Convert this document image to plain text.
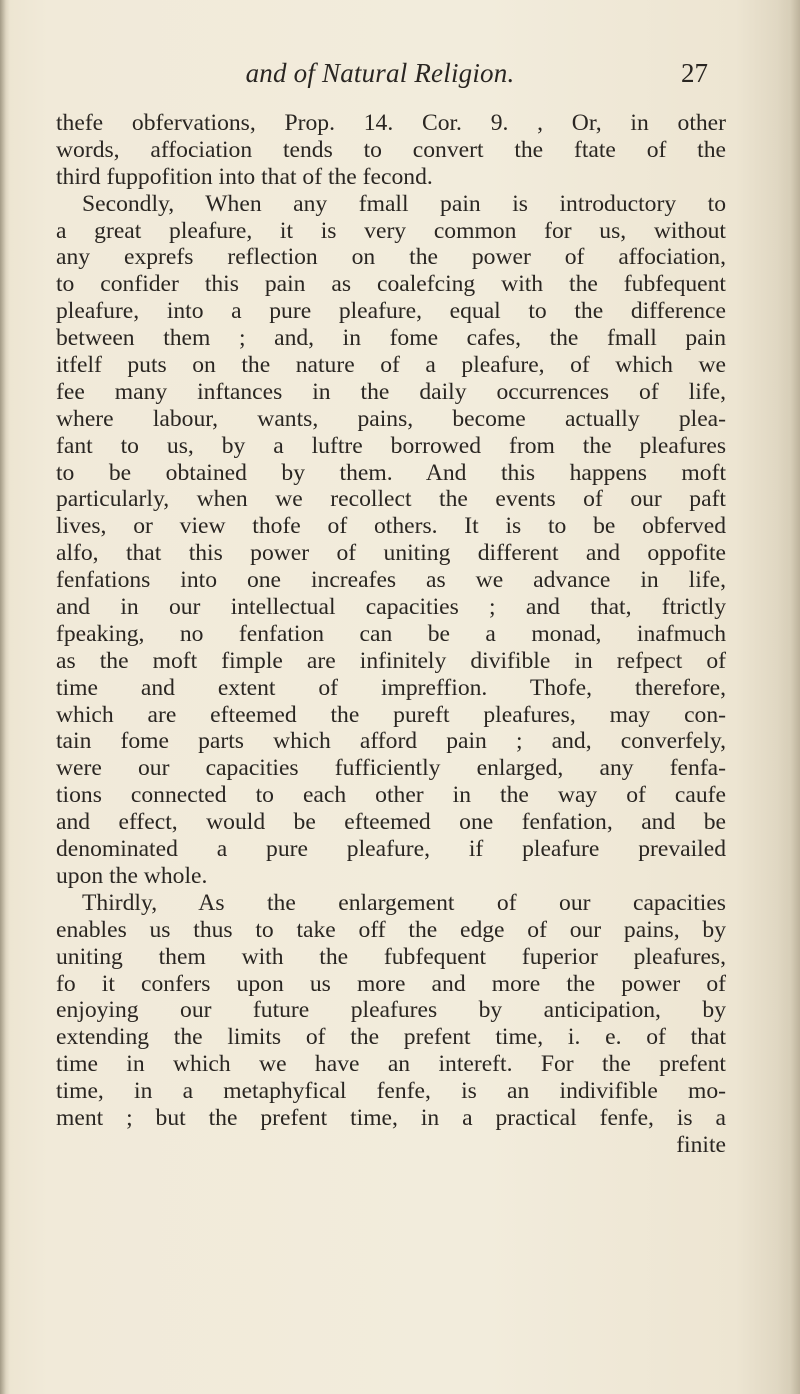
and of Natural Religion.	27
thefe obfervations, Prop. 14. Cor. 9. , Or, in other
words, affociation tends to convert the ftate of the
third fuppofition into that of the fecond.
Secondly, When any fmall pain is introductory to
a great pleafure, it is very common for us, without
any exprefs reflection on the power of affociation,
to confider this pain as coalefcing with the fubfequent
pleafure, into a pure pleafure, equal to the difference
between them ; and, in fome cafes, the fmall pain
itfelf puts on the nature of a pleafure, of which we
fee many inftances in the daily occurrences of life,
where labour, wants, pains, become actually plea-
fant to us, by a luftre borrowed from the pleafures
to be obtained by them. And this happens moft
particularly, when we recollect the events of our paft
lives, or view thofe of others. It is to be obferved
alfo, that this power of uniting different and oppofite
fenfations into one increafes as we advance in life,
and in our intellectual capacities ; and that, ftrictly
fpeaking, no fenfation can be a monad, inafmuch
as the moft fimple are infinitely divifible in refpect of
time and extent of impreffion. Thofe, therefore,
which are efteemed the pureft pleafures, may con-
tain fome parts which afford pain ; and, converfely,
were our capacities fufficiently enlarged, any fenfa-
tions connected to each other in the way of caufe
and effect, would be efteemed one fenfation, and be
denominated a pure pleafure, if pleafure prevailed
upon the whole.
Thirdly, As the enlargement of our capacities
enables us thus to take off the edge of our pains, by
uniting them with the fubfequent fuperior pleafures,
fo it confers upon us more and more the power of
enjoying our future pleafures by anticipation, by
extending the limits of the prefent time, i. e. of that
time in which we have an intereft. For the prefent
time, in a metaphyfical fenfe, is an indivifible mo-
ment ; but the prefent time, in a practical fenfe, is a
finite
